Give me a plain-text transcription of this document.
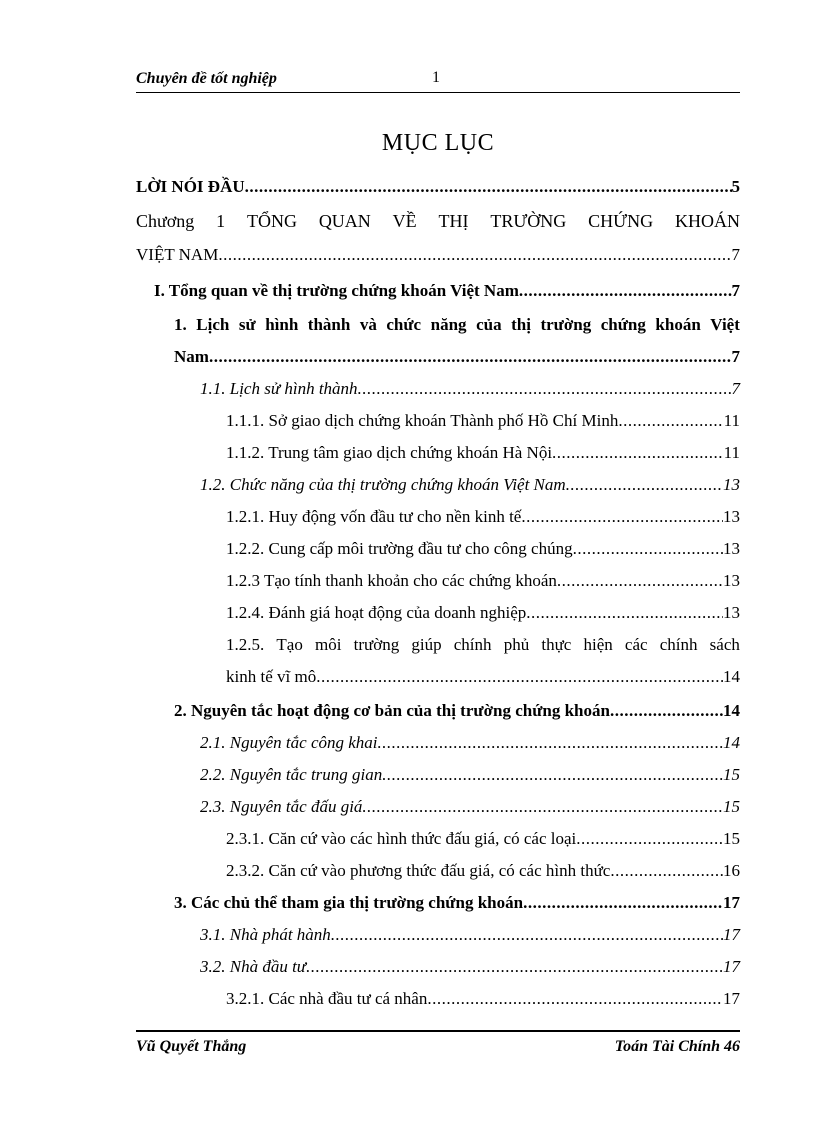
Chuyên đề tốt nghiệp	1
MỤC LỤC
LỜI NÓI ĐẦU .....	5
Chương 1 TỔNG QUAN VỀ THỊ TRƯỜNG CHỨNG KHOÁN
VIỆT NAM .....	7
I. Tổng quan về thị trường chứng khoán Việt Nam .....	7
1. Lịch sử hình thành và chức năng của thị trường chứng khoán Việt
Nam .....	7
1.1. Lịch sử hình thành .....	7
1.1.1. Sở giao dịch chứng khoán Thành phố Hồ Chí Minh .....	11
1.1.2. Trung tâm giao dịch chứng khoán Hà Nội .....	11
1.2. Chức năng của thị trường chứng khoán Việt Nam .....	13
1.2.1. Huy động vốn đầu tư cho nền kinh tế .....	13
1.2.2. Cung cấp môi trường đầu tư cho công chúng .....	13
1.2.3 Tạo tính thanh khoản cho các chứng khoán .....	13
1.2.4. Đánh giá hoạt động của doanh nghiệp .....	13
1.2.5. Tạo môi trường giúp chính phủ thực hiện các chính sách
kinh tế vĩ mô .....	14
2. Nguyên tắc hoạt động cơ bản của thị trường chứng khoán .....	14
2.1. Nguyên tắc công khai .....	14
2.2. Nguyên tắc trung gian .....	15
2.3. Nguyên tắc đấu giá .....	15
2.3.1. Căn cứ vào các hình thức đấu giá, có các loại .....	15
2.3.2. Căn cứ vào phương thức đấu giá, có các hình thức .....	16
3. Các chủ thể tham gia thị trường chứng khoán .....	17
3.1. Nhà phát hành .....	17
3.2. Nhà đầu tư .....	17
3.2.1. Các nhà đầu tư cá nhân .....	17
Vũ Quyết Thắng	Toán Tài Chính 46
